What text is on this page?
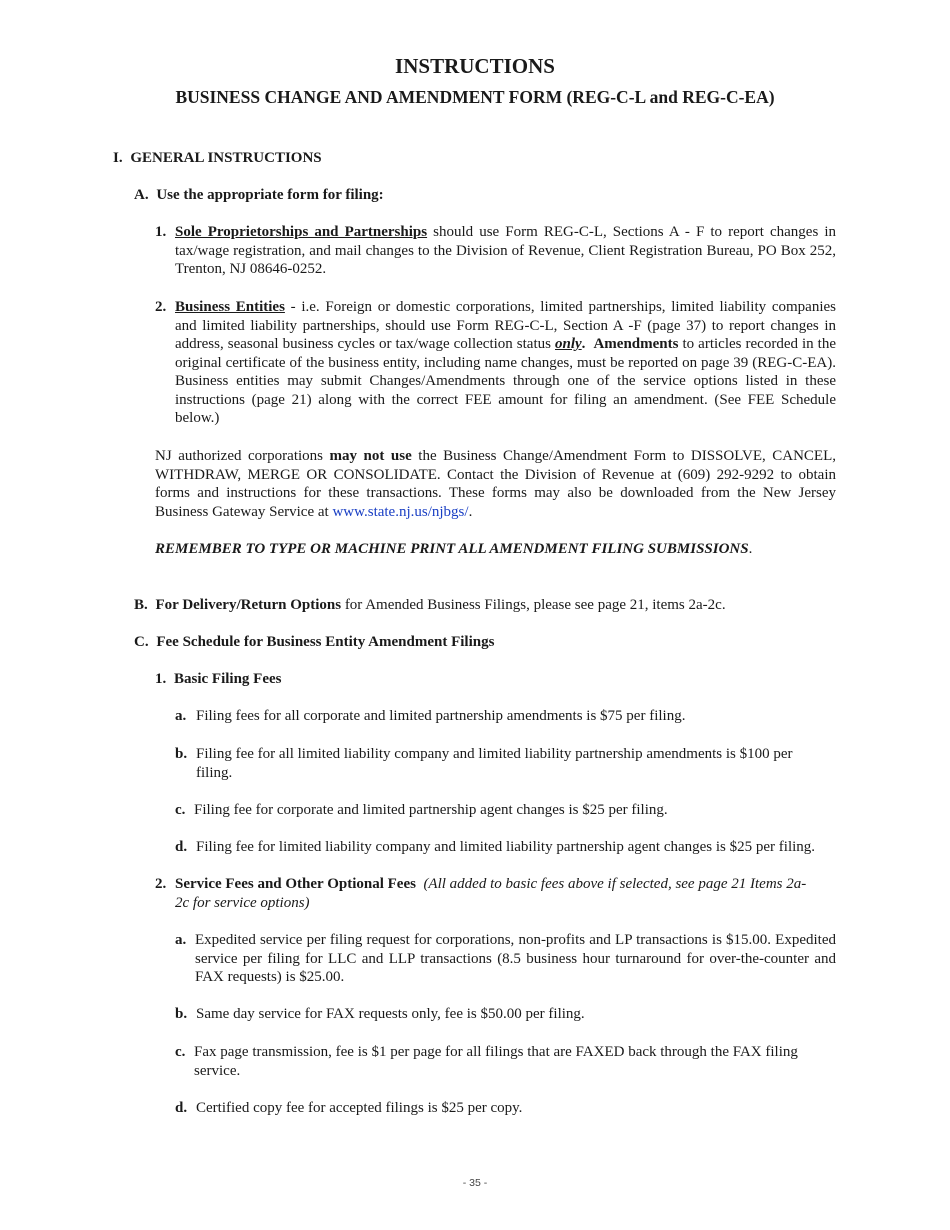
INSTRUCTIONS
BUSINESS CHANGE AND AMENDMENT FORM (REG-C-L and REG-C-EA)
I. GENERAL INSTRUCTIONS
A. Use the appropriate form for filing:
1. Sole Proprietorships and Partnerships should use Form REG-C-L, Sections A - F to report changes in tax/wage registration, and mail changes to the Division of Revenue, Client Registration Bureau, PO Box 252, Trenton, NJ 08646-0252.
2. Business Entities - i.e. Foreign or domestic corporations, limited partnerships, limited liability companies and limited liability partnerships, should use Form REG-C-L, Section A -F (page 37) to report changes in address, seasonal business cycles or tax/wage collection status only. Amendments to articles recorded in the original certificate of the business entity, including name changes, must be reported on page 39 (REG-C-EA). Business entities may submit Changes/Amendments through one of the service options listed in these instructions (page 21) along with the correct FEE amount for filing an amendment. (See FEE Schedule below.)
NJ authorized corporations may not use the Business Change/Amendment Form to DISSOLVE, CANCEL, WITHDRAW, MERGE OR CONSOLIDATE. Contact the Division of Revenue at (609) 292-9292 to obtain forms and instructions for these transactions. These forms may also be downloaded from the New Jersey Business Gateway Service at www.state.nj.us/njbgs/.
REMEMBER TO TYPE OR MACHINE PRINT ALL AMENDMENT FILING SUBMISSIONS.
B. For Delivery/Return Options for Amended Business Filings, please see page 21, items 2a-2c.
C. Fee Schedule for Business Entity Amendment Filings
1. Basic Filing Fees
a. Filing fees for all corporate and limited partnership amendments is $75 per filing.
b. Filing fee for all limited liability company and limited liability partnership amendments is $100 per filing.
c. Filing fee for corporate and limited partnership agent changes is $25 per filing.
d. Filing fee for limited liability company and limited liability partnership agent changes is $25 per filing.
2. Service Fees and Other Optional Fees (All added to basic fees above if selected, see page 21 Items 2a-2c for service options)
a. Expedited service per filing request for corporations, non-profits and LP transactions is $15.00. Expedited service per filing for LLC and LLP transactions (8.5 business hour turnaround for over-the-counter and FAX requests) is $25.00.
b. Same day service for FAX requests only, fee is $50.00 per filing.
c. Fax page transmission, fee is $1 per page for all filings that are FAXED back through the FAX filing service.
d. Certified copy fee for accepted filings is $25 per copy.
- 35 -
